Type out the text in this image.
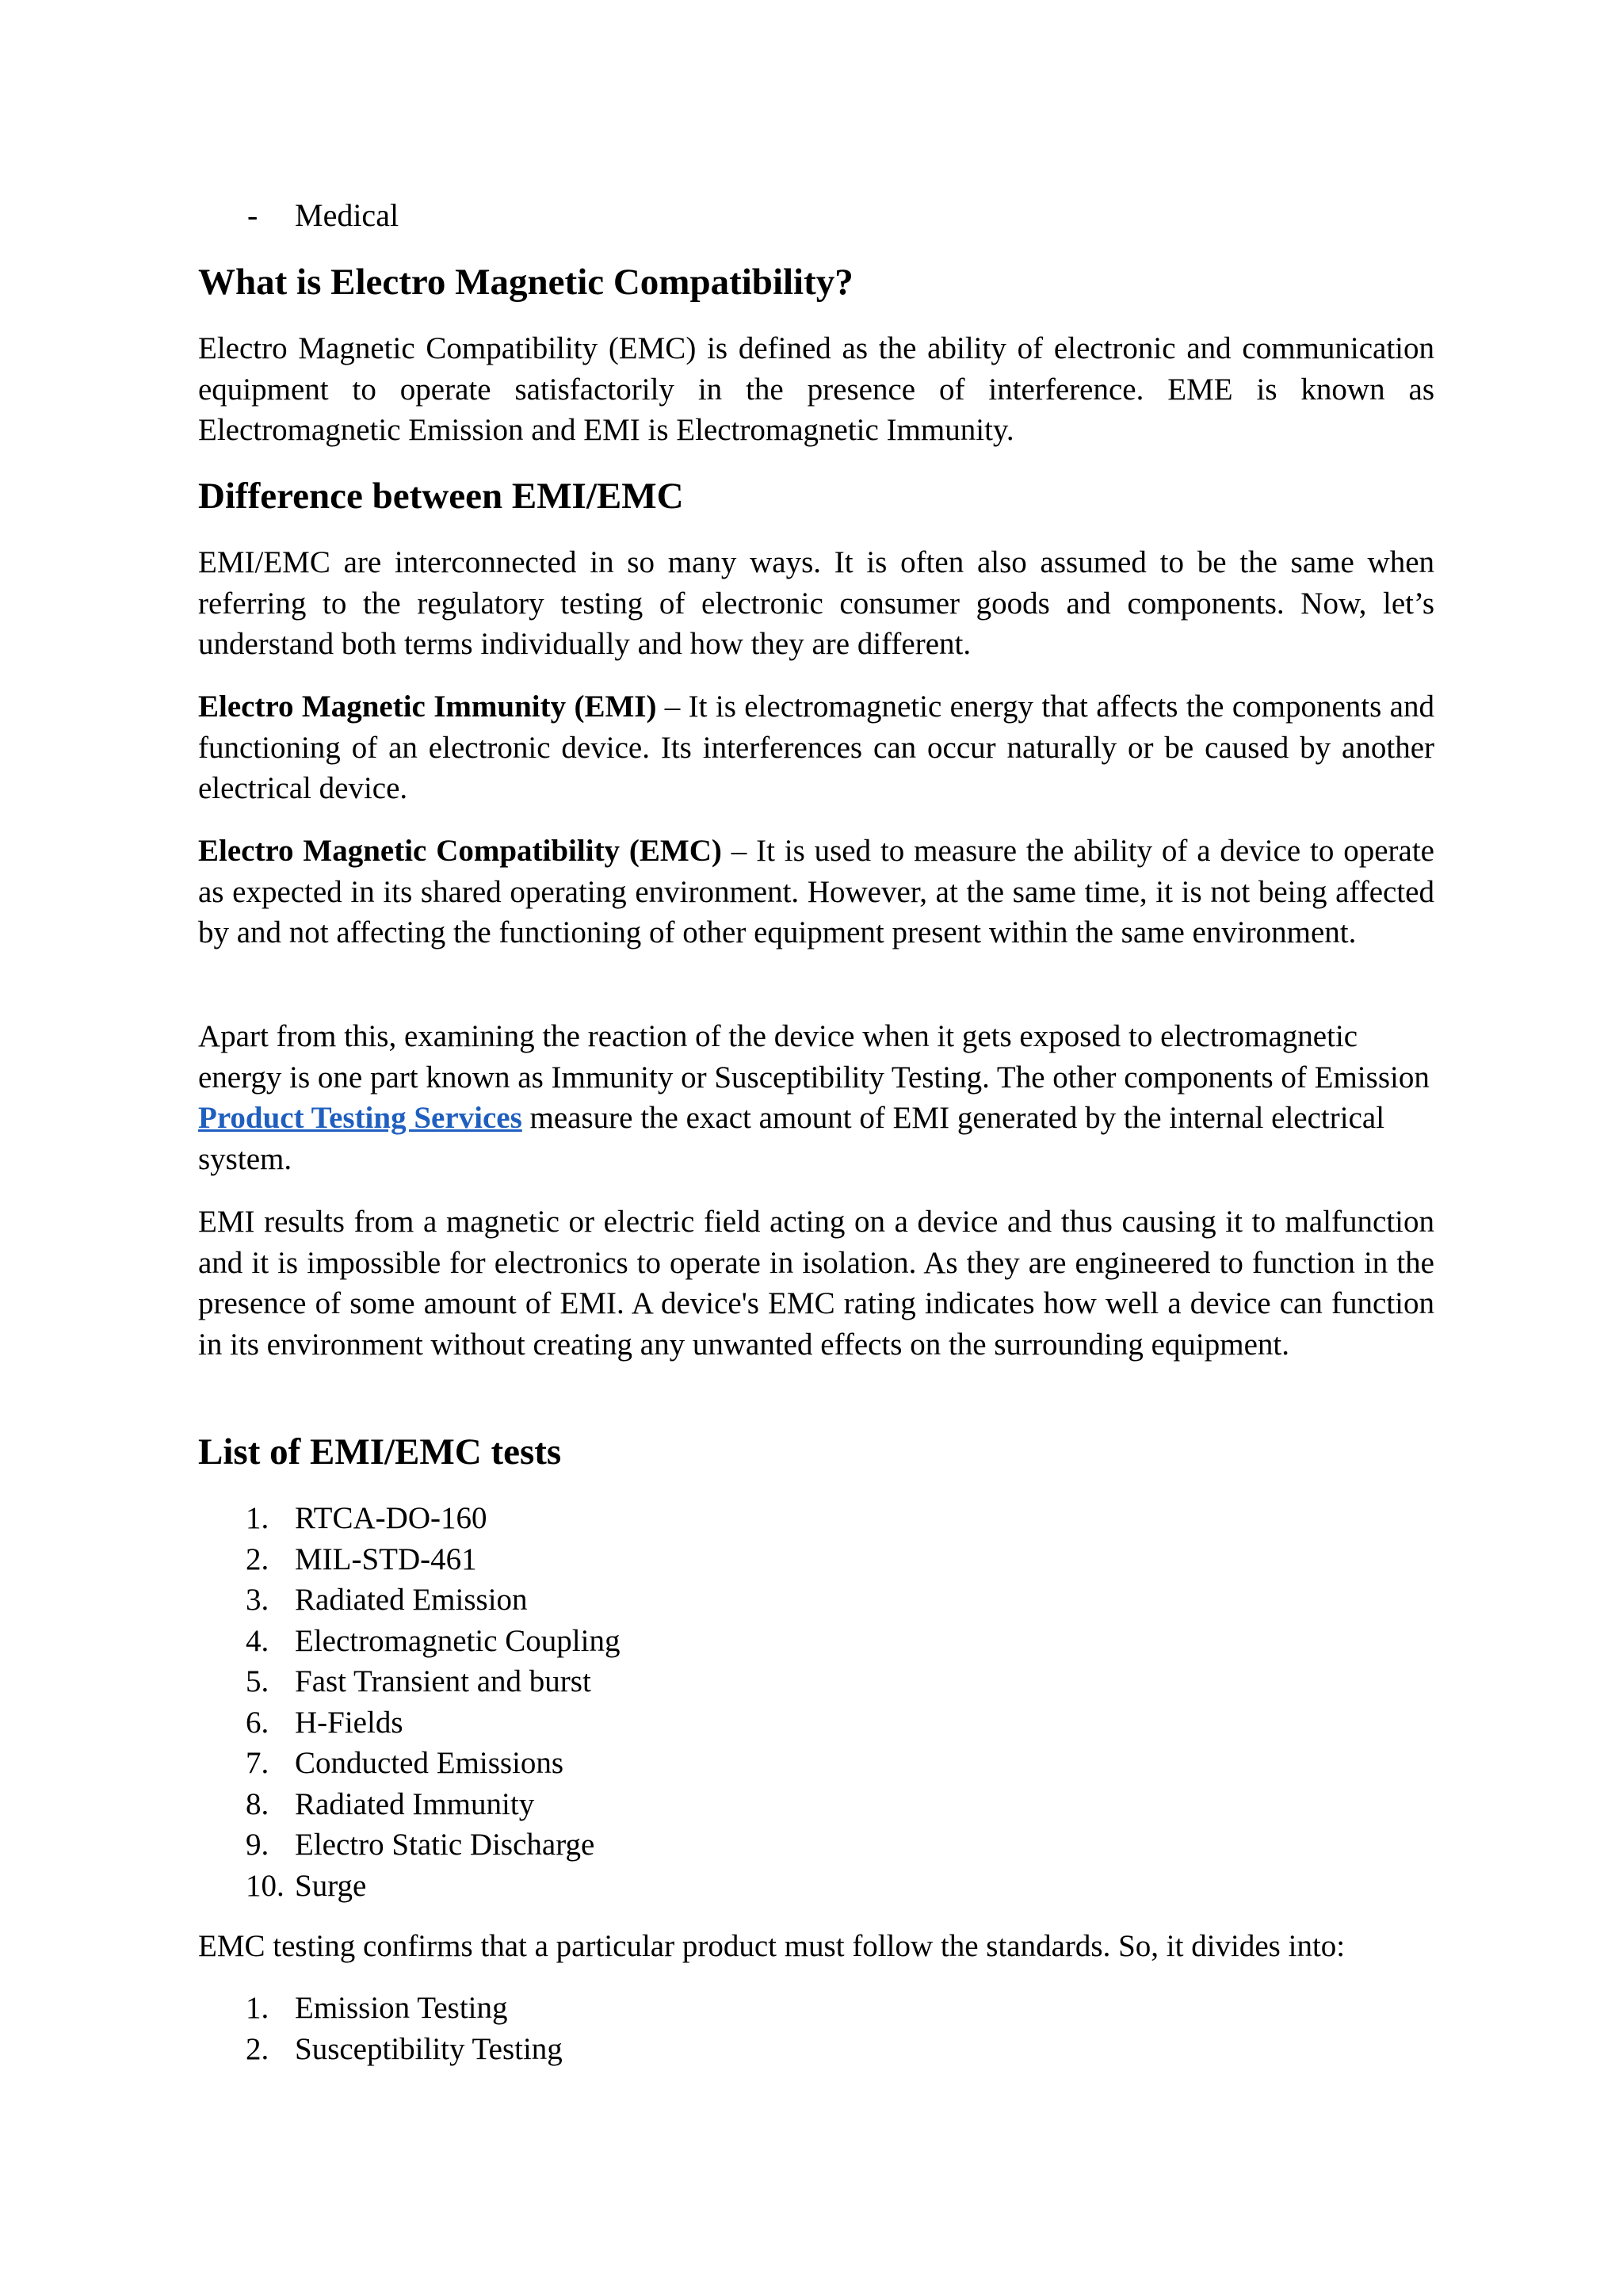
- Medical
What is Electro Magnetic Compatibility?

Electro Magnetic Compatibility (EMC) is defined as the ability of electronic and communication equipment to operate satisfactorily in the presence of interference. EME is known as Electromagnetic Emission and EMI is Electromagnetic Immunity.

Difference between EMI/EMC

EMI/EMC are interconnected in so many ways. It is often also assumed to be the same when referring to the regulatory testing of electronic consumer goods and components. Now, let’s understand both terms individually and how they are different.

Electro Magnetic Immunity (EMI) – It is electromagnetic energy that affects the components and functioning of an electronic device. Its interferences can occur naturally or be caused by another electrical device.

Electro Magnetic Compatibility (EMC) – It is used to measure the ability of a device to operate as expected in its shared operating environment. However, at the same time, it is not being affected by and not affecting the functioning of other equipment present within the same environment.

Apart from this, examining the reaction of the device when it gets exposed to electromagnetic energy is one part known as Immunity or Susceptibility Testing. The other components of Emission Product Testing Services measure the exact amount of EMI generated by the internal electrical system.

EMI results from a magnetic or electric field acting on a device and thus causing it to malfunction and it is impossible for electronics to operate in isolation. As they are engineered to function in the presence of some amount of EMI. A device's EMC rating indicates how well a device can function in its environment without creating any unwanted effects on the surrounding equipment.

List of EMI/EMC tests
1. RTCA-DO-160
2. MIL-STD-461
3. Radiated Emission
4. Electromagnetic Coupling
5. Fast Transient and burst
6. H-Fields
7. Conducted Emissions
8. Radiated Immunity
9. Electro Static Discharge
10. Surge

EMC testing confirms that a particular product must follow the standards. So, it divides into:

1. Emission Testing
2. Susceptibility Testing
